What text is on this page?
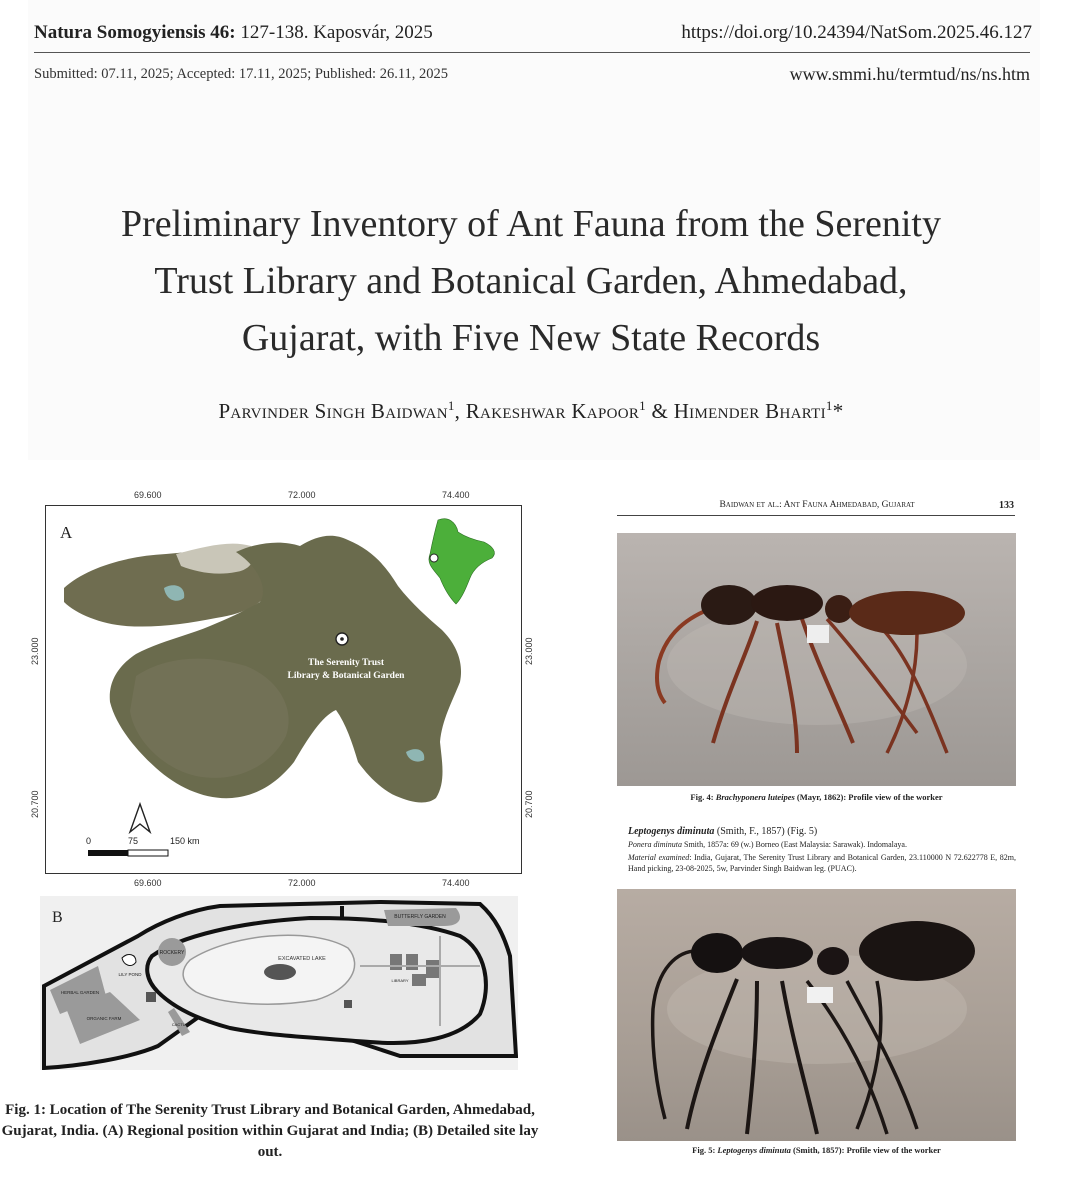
Natura Somogyiensis 46: 127-138. Kaposvár, 2025	https://doi.org/10.24394/NatSom.2025.46.127
Submitted: 07.11, 2025; Accepted: 17.11, 2025; Published: 26.11, 2025	www.smmi.hu/termtud/ns/ns.htm
Preliminary Inventory of Ant Fauna from the Serenity
Trust Library and Botanical Garden, Ahmedabad,
Gujarat, with Five New State Records
Parvinder Singh Baidwan$^1$, Rakeshwar Kapoor$^1$ & Himender Bharti$^1$*
69.600	72.000	74.400
69.600	72.000	74.400
23.000
20.700
23.000
20.700
A
The Serenity Trust
Library & Botanical Garden
0	75	150 km
B
EXCAVATED LAKE
BUTTERFLY GARDEN
ROCKERY
LILY POND
HERBAL GARDEN
ORGANIC FARM
LIBRARY
CACTUS
Fig. 1: Location of The Serenity Trust Library and Botanical Garden, Ahmedabad,
Gujarat, India. (A) Regional position within Gujarat and India; (B) Detailed site lay out.
Baidwan et al.: Ant Fauna Ahmedabad, Gujarat	133
Fig. 4: Brachyponera luteipes (Mayr, 1862): Profile view of the worker
Leptogenys diminuta (Smith, F., 1857) (Fig. 5)
Ponera diminuta Smith, 1857a: 69 (w.) Borneo (East Malaysia: Sarawak). Indomalaya.
Material examined: India, Gujarat, The Serenity Trust Library and Botanical Garden, 23.110000 N 72.622778 E, 82m, Hand picking, 23-08-2025, 5w, Parvinder Singh Baidwan leg. (PUAC).
Fig. 5: Leptogenys diminuta (Smith, 1857): Profile view of the worker
